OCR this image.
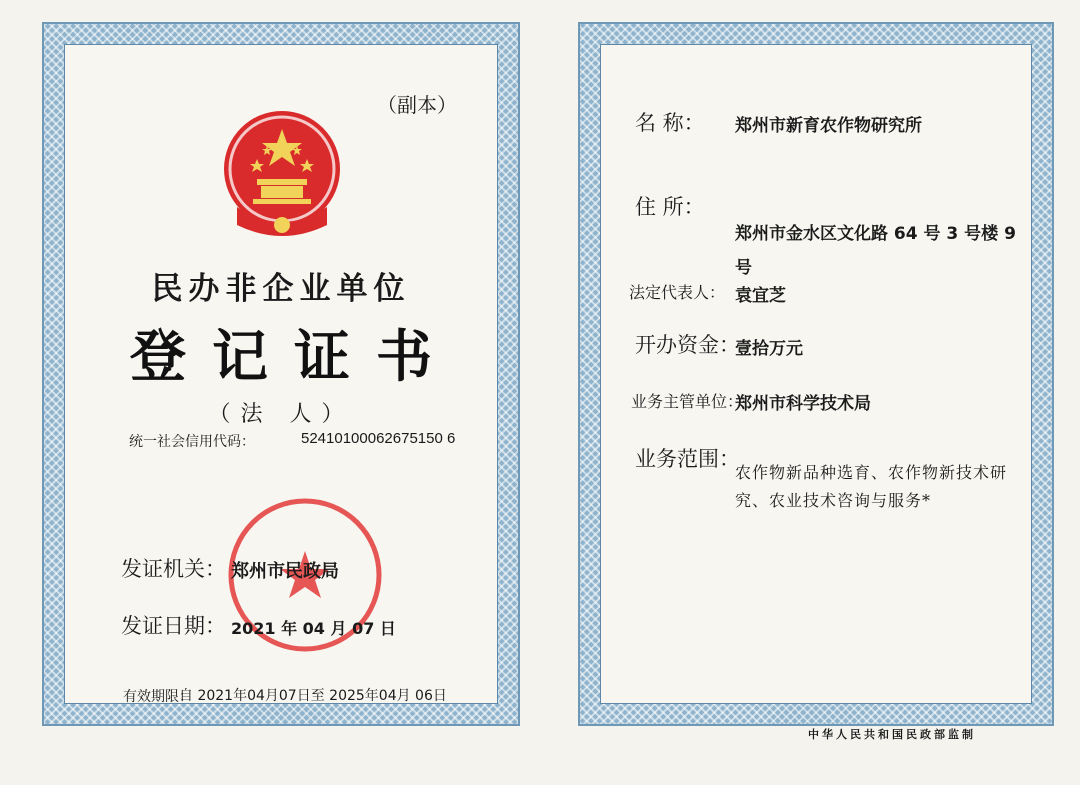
（副本）
民办非企业单位
登记证书
（法 人）
统一社会信用代码：	52410100062675150 6
发证机关： 郑州市民政局
发证日期： 2021 年 04 月 07 日
有效期限：
自 2021年04月07日至 2025年04月 06日
名 称： 郑州市新育农作物研究所
住 所：
郑州市金水区文化路 64 号 3 号楼 9 号
法定代表人： 袁宜芝
开办资金：
壹拾万元
业务主管单位：
郑州市科学技术局
业务范围：
农作物新品种选育、农作物新技术研究、农业技术咨询与服务*
中华人民共和国民政部监制
